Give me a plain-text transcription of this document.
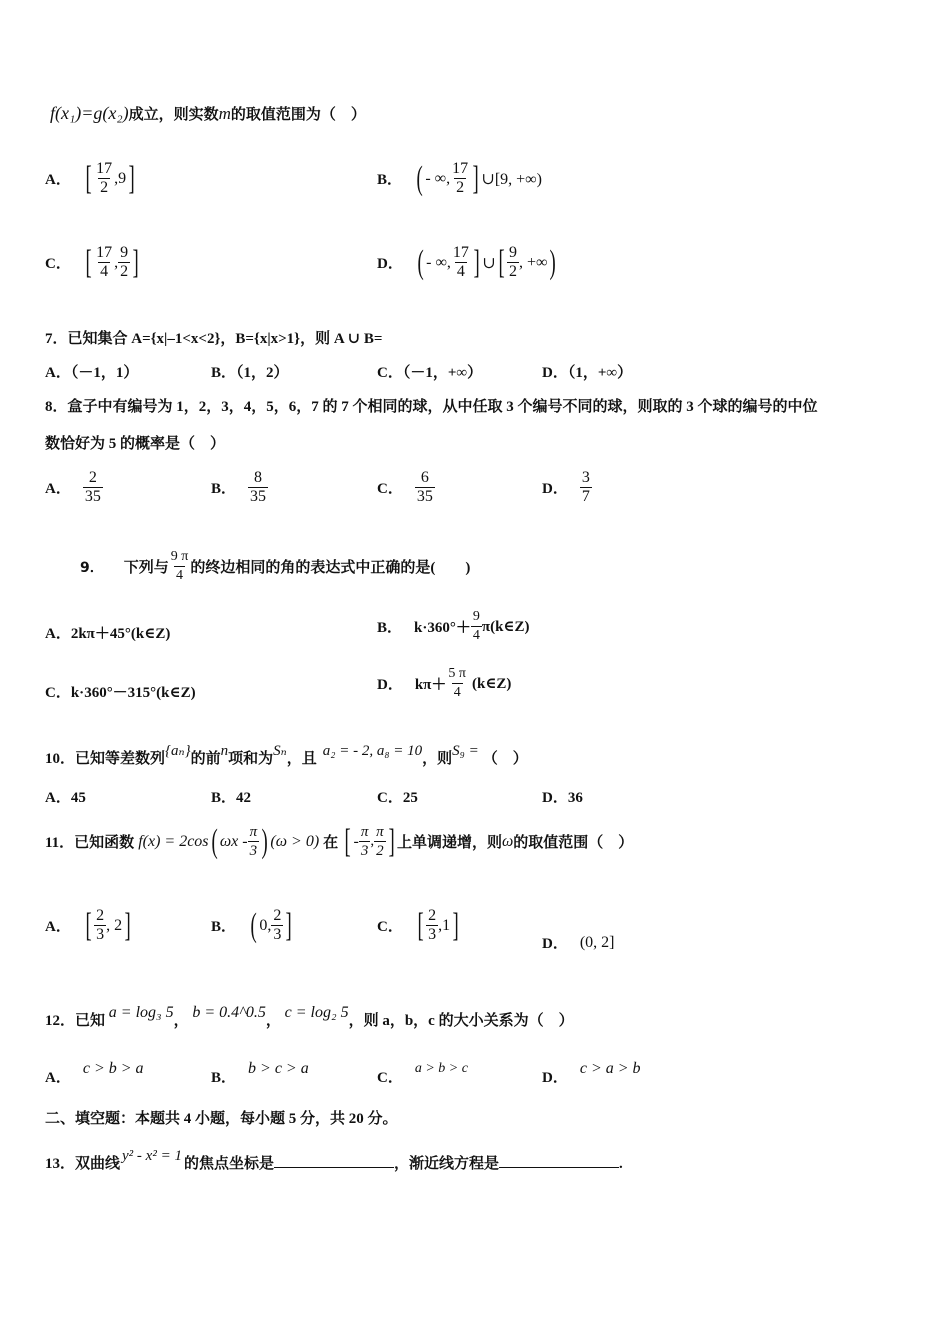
f(x₁)=g(x₂)成立，则实数m的取值范围为（　）
A． [ $\frac{17}{2} ,9$ ]	B． ( - ∞, $\frac{17}{2}$ ] ∪[9, +∞)
C． [ $\frac{17}{4}$ , $\frac{9}{2}$ ]	D． ( - ∞, $\frac{17}{4}$ ] ∪ [ $\frac{9}{2}$ , +∞ )
7．已知集合 A={x|–1<x<2}，B={x|x>1}，则 A ∪ B=
A．（－1，1）	B．（1，2）	C．（－1，+∞）	D．（1，+∞）
8．盒子中有编号为 1，2，3，4，5，6，7 的 7 个相同的球，从中任取 3 个编号不同的球，则取的 3 个球的编号的中位
数恰好为 5 的概率是（　）
A． $\frac{2}{35}$	B． $\frac{8}{35}$	C． $\frac{6}{35}$	D． $\frac{3}{7}$
9． 下列与 $\frac{9 \pi}{4}$ 的终边相同的角的表达式中正确的是(　　)
A．2kπ＋45°(k∈Z)	B． $k\cdot 360^\circ+ \frac{9}{4}$ π(k∈Z)
C．k·360°－315°(k∈Z)	D． $k\pi+ \frac{5 \pi}{4}$ (k∈Z)
10．已知等差数列{aₙ}的前n项和为Sₙ，且 a₂ = - 2, a₈ = 10，则S₉ = （　）
A．45	B．42	C．25	D．36
11．已知函数 f(x) = 2cos ( ωx - $\frac{\pi}{3}$ ) (ω > 0) 在 [ - $\frac{\pi}{3}$ , $\frac{\pi}{2}$ ] 上单调递增，则 ω 的取值范围（　）
A． [ $\frac{2}{3}$ , 2 ]	B． ( 0, $\frac{2}{3}$ ]	C． [ $\frac{2}{3} ,1$ ]
D． (0, 2]
12．已知 a = log₃ 5， b = 0.4^0.5， c = log₂ 5，则 a，b，c 的大小关系为（　）
A．
c > b > a
B．
b > c > a
C．
a > b > c
D．
c > a > b
二、填空题：本题共 4 小题，每小题 5 分，共 20 分。
13．双曲线 y² - x² = 1 的焦点坐标是	，渐近线方程是	.
